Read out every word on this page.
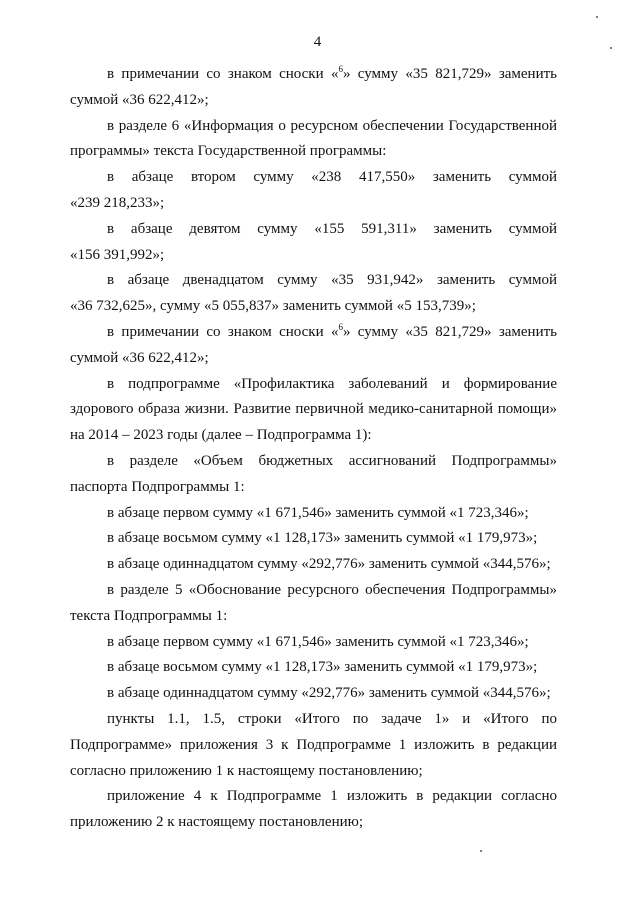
4

в примечании со знаком сноски «$^6$» сумму «35 821,729» заменить
суммой «36 622,412»;

в разделе 6 «Информация о ресурсном обеспечении Государственной
программы» текста Государственной программы:

в абзаце втором сумму «238 417,550» заменить суммой
«239 218,233»;

в абзаце девятом сумму «155 591,311» заменить суммой
«156 391,992»;

в абзаце двенадцатом сумму «35 931,942» заменить суммой
«36 732,625», сумму «5 055,837» заменить суммой «5 153,739»;

в примечании со знаком сноски «$^6$» сумму «35 821,729» заменить
суммой «36 622,412»;

в подпрограмме «Профилактика заболеваний и формирование здорового образа жизни. Развитие первичной медико-санитарной помощи» на 2014 – 2023 годы (далее – Подпрограмма 1):

в разделе «Объем бюджетных ассигнований Подпрограммы»
паспорта Подпрограммы 1:

в абзаце первом сумму «1 671,546» заменить суммой «1 723,346»;

в абзаце восьмом сумму «1 128,173» заменить суммой «1 179,973»;

в абзаце одиннадцатом сумму «292,776» заменить суммой «344,576»;

в разделе 5 «Обоснование ресурсного обеспечения Подпрограммы»
текста Подпрограммы 1:

в абзаце первом сумму «1 671,546» заменить суммой «1 723,346»;

в абзаце восьмом сумму «1 128,173» заменить суммой «1 179,973»;

в абзаце одиннадцатом сумму «292,776» заменить суммой «344,576»;

пункты 1.1, 1.5, строки «Итого по задаче 1» и «Итого по Подпрограмме» приложения 3 к Подпрограмме 1 изложить в редакции согласно приложению 1 к настоящему постановлению;

приложение 4 к Подпрограмме 1 изложить в редакции согласно приложению 2 к настоящему постановлению;
